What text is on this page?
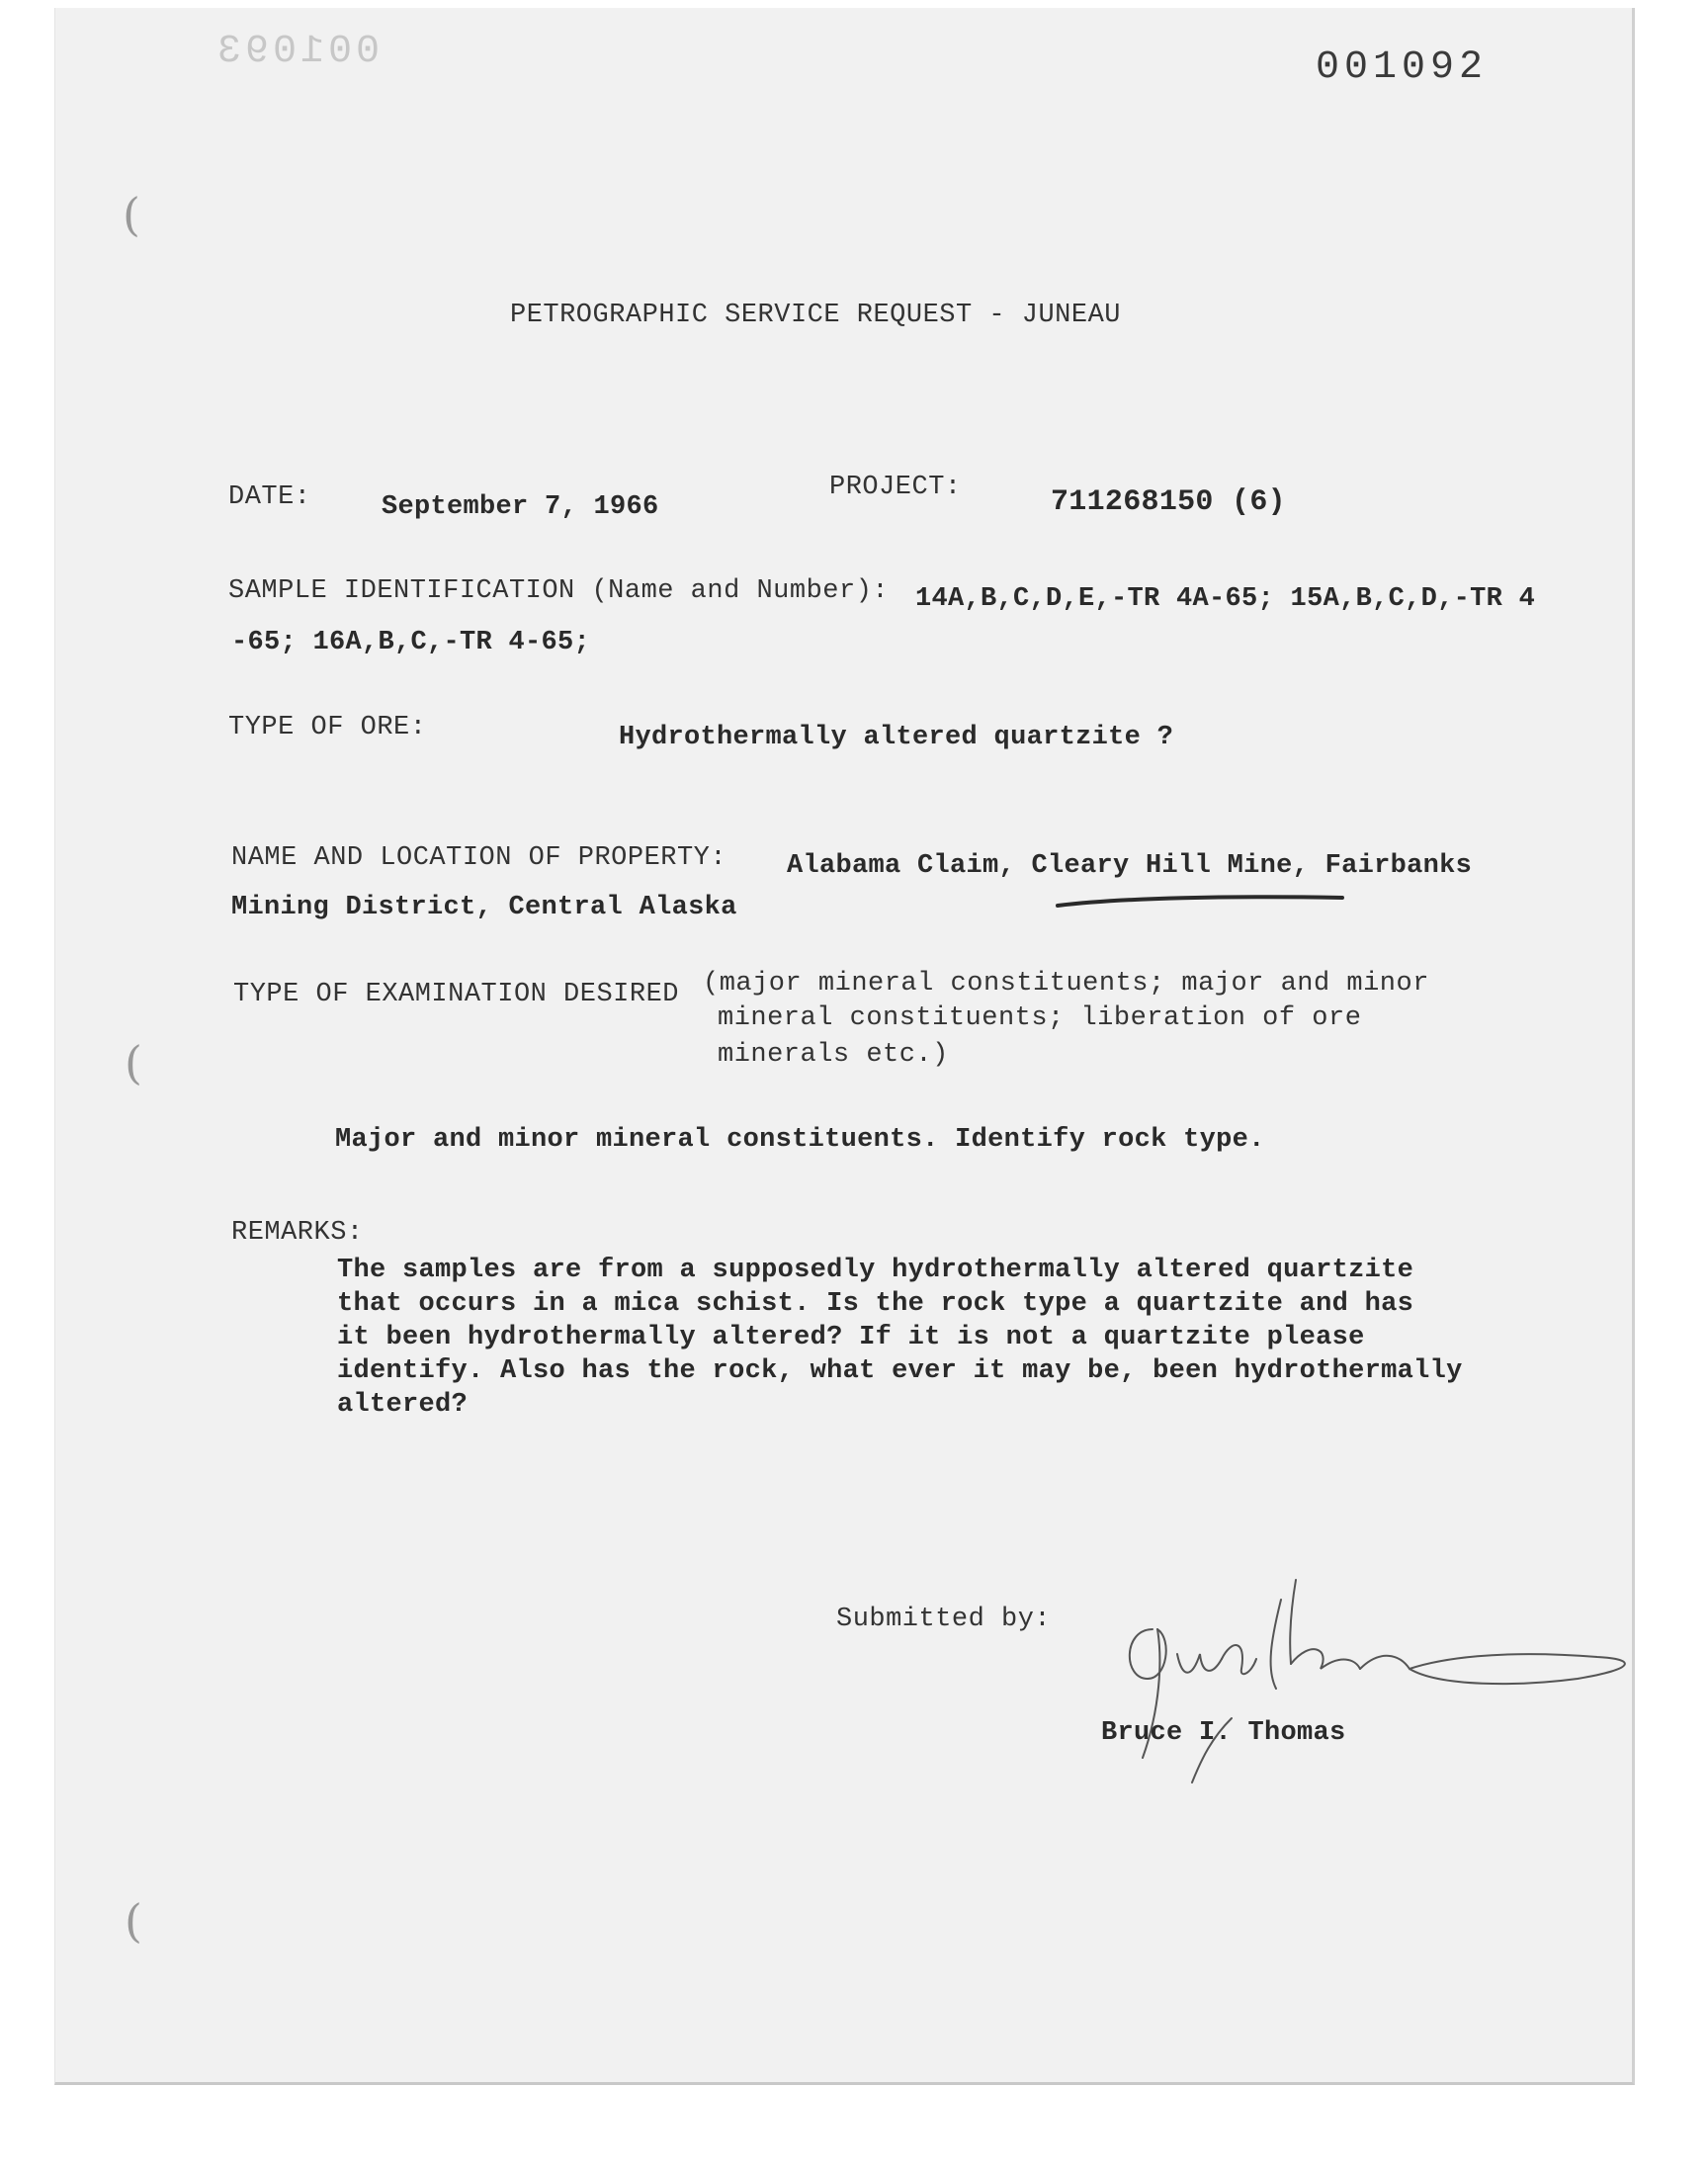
001093	001092
PETROGRAPHIC SERVICE REQUEST - JUNEAU
DATE:	September 7, 1966
PROJECT:	711268150 (6)
SAMPLE IDENTIFICATION (Name and Number): 14A,B,C,D,E,-TR 4A-65; 15A,B,C,D,-TR 4
-65; 16A,B,C,-TR 4-65;
TYPE OF ORE:	Hydrothermally altered quartzite ?
NAME AND LOCATION OF PROPERTY: Alabama Claim, Cleary Hill Mine, Fairbanks
Mining District, Central Alaska
TYPE OF EXAMINATION DESIRED (major mineral constituents; major and minor
mineral constituents; liberation of ore
minerals etc.)
Major and minor mineral constituents. Identify rock type.
REMARKS:
The samples are from a supposedly hydrothermally altered quartzite
that occurs in a mica schist. Is the rock type a quartzite and has
it been hydrothermally altered? If it is not a quartzite please
identify. Also has the rock, what ever it may be, been hydrothermally
altered?
Submitted by:
Bruce I. Thomas
(
(
(
